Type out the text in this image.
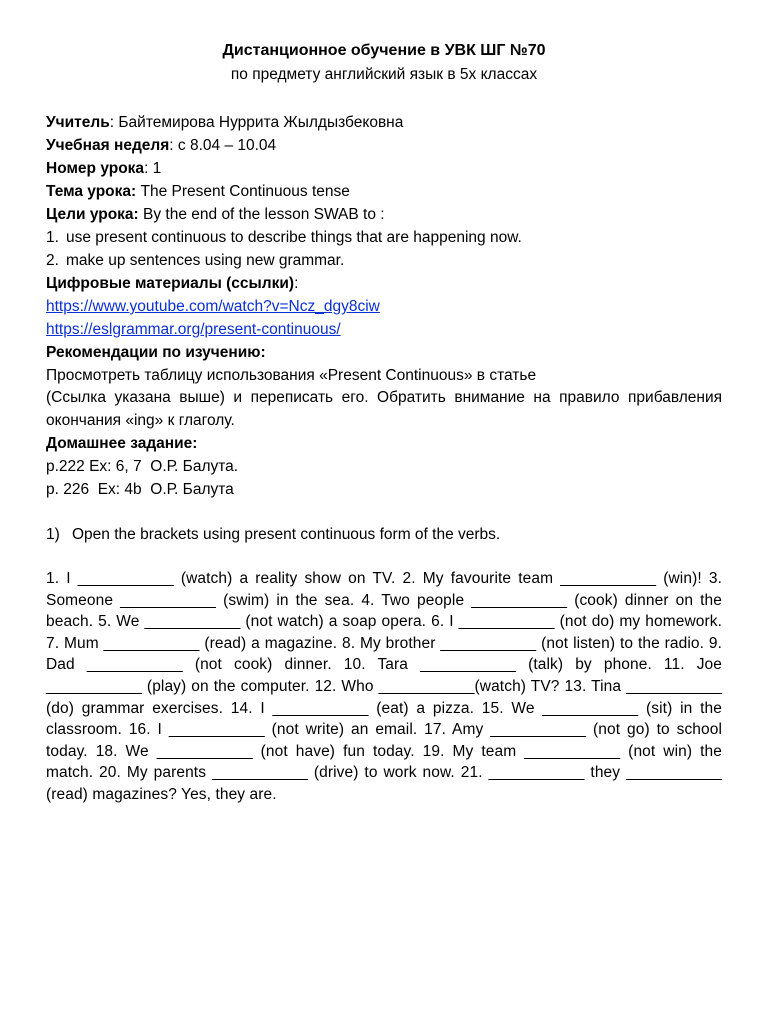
Дистанционное обучение в УВК ШГ №70

по предмету английский язык в 5х классах

Учитель: Байтемирова Нуррита Жылдызбековна

Учебная неделя: с 8.04 – 10.04

Номер урока: 1

Тема урока: The Present Continuous tense

Цели урока: By the end of the lesson SWAB to :

1. use present continuous to describe things that are happening now.
2. make up sentences using new grammar.

Цифровые материалы (ссылки):

https://www.youtube.com/watch?v=Ncz_dgy8ciw

https://eslgrammar.org/present-continuous/

Рекомендации по изучению:

Просмотреть таблицу использования «Present Continuous» в статье

(Ссылка указана выше) и переписать его. Обратить внимание на правило прибавления окончания «ing» к глаголу.

Домашнее задание:

р.222 Ex: 6, 7  О.Р. Балута.

p. 226  Ex: 4b  О.Р. Балута

1) Open the brackets using present continuous form of the verbs.

1. I ___________ (watch) a reality show on TV. 2. My favourite team ___________ (win)! 3. Someone ___________ (swim) in the sea. 4. Two people ___________ (cook) dinner on the beach. 5. We ___________ (not watch) a soap opera. 6. I ___________ (not do) my homework. 7. Mum ___________ (read) a magazine. 8. My brother ___________ (not listen) to the radio. 9. Dad ___________ (not cook) dinner. 10. Tara ___________ (talk) by phone. 11. Joe ___________ (play) on the computer. 12. Who ___________(watch) TV? 13. Tina ___________ (do) grammar exercises. 14. I ___________ (eat) a pizza. 15. We ___________ (sit) in the classroom. 16. I ___________ (not write) an email. 17. Amy ___________ (not go) to school today. 18. We ___________ (not have) fun today. 19. My team ___________ (not win) the match. 20. My parents ___________ (drive) to work now. 21. ___________ they ___________ (read) magazines? Yes, they are.
